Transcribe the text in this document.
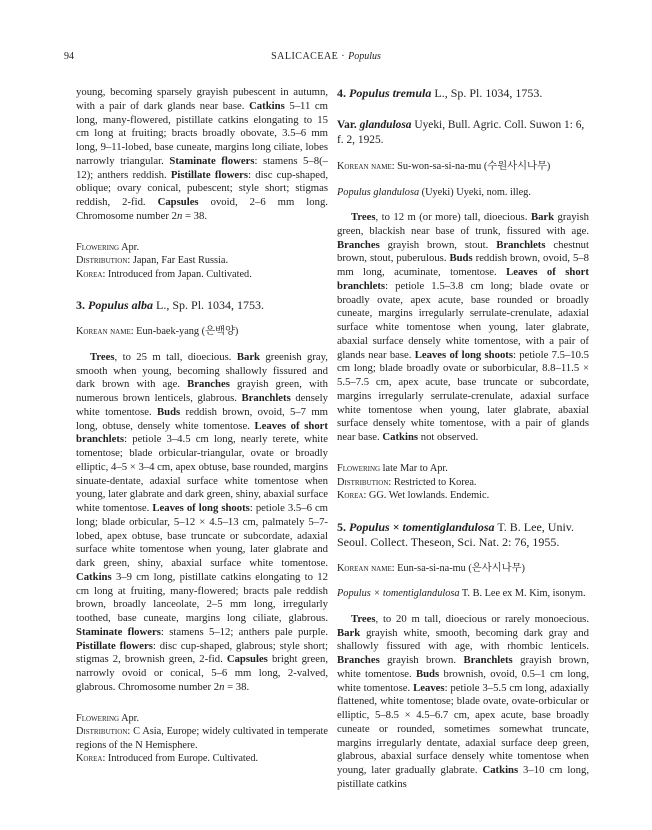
94	SALICACEAE · Populus

young, becoming sparsely grayish pubescent in autumn, with a pair of dark glands near base. Catkins 5–11 cm long, many-flowered, pistillate catkins elongating to 15 cm long at fruiting; bracts broadly obovate, 3.5–6 mm long, 9–11-lobed, base cuneate, margins long ciliate, lobes narrowly triangular. Staminate flowers: stamens 5–8(–12); anthers reddish. Pistillate flowers: disc cup-shaped, oblique; ovary conical, pubescent; style short; stigmas reddish, 2-fid. Capsules ovoid, 2–6 mm long. Chromosome number 2n = 38.

Flowering Apr.

Distribution: Japan, Far East Russia.

Korea: Introduced from Japan. Cultivated.

3. Populus alba L., Sp. Pl. 1034, 1753.

Korean name: Eun-baek-yang (은백양)

Trees, to 25 m tall, dioecious. Bark greenish gray, smooth when young, becoming shallowly fissured and dark brown with age. Branches grayish green, with numerous brown lenticels, glabrous. Branchlets densely white tomentose. Buds reddish brown, ovoid, 5–7 mm long, obtuse, densely white tomentose. Leaves of short branchlets: petiole 3–4.5 cm long, nearly terete, white tomentose; blade orbicular-triangular, ovate or broadly elliptic, 4–5 × 3–4 cm, apex obtuse, base rounded, margins sinuate-dentate, adaxial surface white tomentose when young, later glabrate and dark green, shiny, abaxial surface white tomentose. Leaves of long shoots: petiole 3.5–6 cm long; blade orbicular, 5–12 × 4.5–13 cm, palmately 5–7-lobed, apex obtuse, base truncate or subcordate, adaxial surface white tomentose when young, later glabrate and dark green, shiny, abaxial surface white tomentose. Catkins 3–9 cm long, pistillate catkins elongating to 12 cm long at fruiting, many-flowered; bracts pale reddish brown, broadly lanceolate, 2–5 mm long, irregularly toothed, base cuneate, margins long ciliate, glabrous. Staminate flowers: stamens 5–12; anthers pale purple. Pistillate flowers: disc cup-shaped, glabrous; style short; stigmas 2, brownish green, 2-fid. Capsules bright green, narrowly ovoid or conical, 5–6 mm long, 2-valved, glabrous. Chromosome number 2n = 38.

Flowering Apr.

Distribution: C Asia, Europe; widely cultivated in temperate regions of the N Hemisphere.

Korea: Introduced from Europe. Cultivated.

4. Populus tremula L., Sp. Pl. 1034, 1753.

Var. glandulosa Uyeki, Bull. Agric. Coll. Suwon 1: 6, f. 2, 1925.

Korean name: Su-won-sa-si-na-mu (수원사시나무)

Populus glandulosa (Uyeki) Uyeki, nom. illeg.

Trees, to 12 m (or more) tall, dioecious. Bark grayish green, blackish near base of trunk, fissured with age. Branches grayish brown, stout. Branchlets chestnut brown, stout, puberulous. Buds reddish brown, ovoid, 5–8 mm long, acuminate, tomentose. Leaves of short branchlets: petiole 1.5–3.8 cm long; blade ovate or broadly ovate, apex acute, base rounded or broadly cuneate, margins irregularly serrulate-crenulate, adaxial surface white tomentose when young, later glabrate, abaxial surface densely white tomentose, with a pair of glands near base. Leaves of long shoots: petiole 7.5–10.5 cm long; blade broadly ovate or suborbicular, 8.8–11.5 × 5.5–7.5 cm, apex acute, base truncate or subcordate, margins irregularly serrulate-crenulate, adaxial surface white tomentose when young, later glabrate, abaxial surface densely white tomentose, with a pair of glands near base. Catkins not observed.

Flowering late Mar to Apr.

Distribution: Restricted to Korea.

Korea: GG. Wet lowlands. Endemic.

5. Populus × tomentiglandulosa T. B. Lee, Univ. Seoul. Collect. Theseon, Sci. Nat. 2: 76, 1955.

Korean name: Eun-sa-si-na-mu (은사시나무)

Populus × tomentiglandulosa T. B. Lee ex M. Kim, isonym.

Trees, to 20 m tall, dioecious or rarely monoecious. Bark grayish white, smooth, becoming dark gray and shallowly fissured with age, with rhombic lenticels. Branches grayish brown. Branchlets grayish brown, white tomentose. Buds brownish, ovoid, 0.5–1 cm long, white tomentose. Leaves: petiole 3–5.5 cm long, adaxially flattened, white tomentose; blade ovate, ovate-orbicular or elliptic, 5–8.5 × 4.5–6.7 cm, apex acute, base broadly cuneate or rounded, sometimes somewhat truncate, margins irregularly dentate, adaxial surface deep green, glabrous, abaxial surface densely white tomentose when young, later gradually glabrate. Catkins 3–10 cm long, pistillate catkins
